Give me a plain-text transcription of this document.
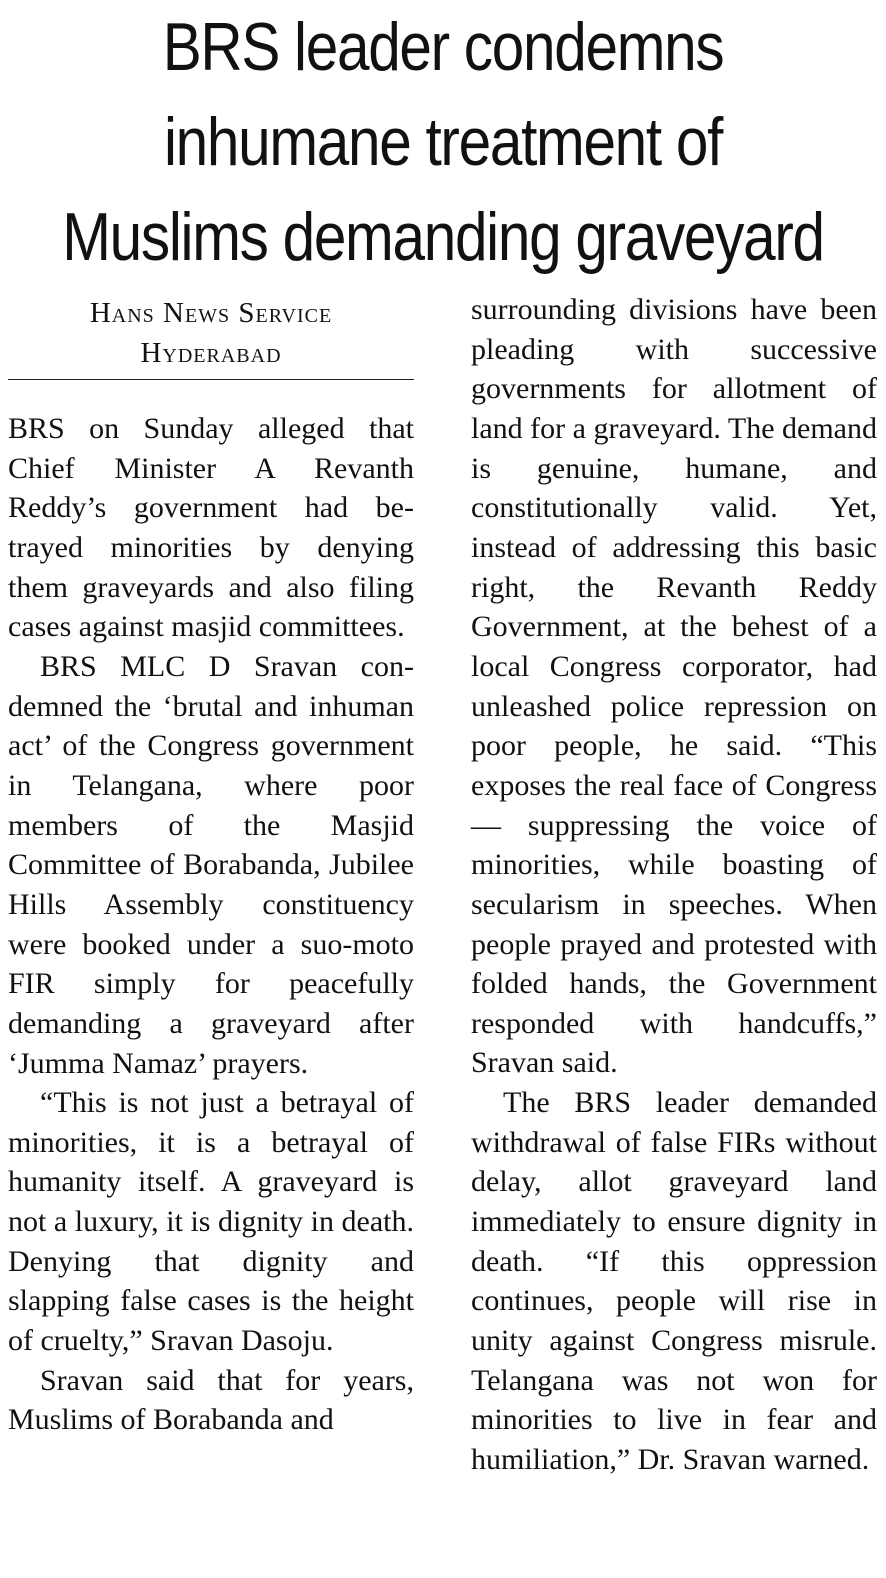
BRS leader condemns
inhumane treatment of
Muslims demanding graveyard
Hans News Service
Hyderabad

BRS on Sunday alleged that Chief Minister A Revanth Reddy’s government had betrayed minorities by denying them graveyards and also filing cases against masjid committees.

BRS MLC D Sravan condemned the ‘brutal and inhuman act’ of the Congress government in Telangana, where poor members of the Masjid Committee of Borabanda, Jubilee Hills Assembly constituency were booked under a suo-moto FIR simply for peacefully demanding a graveyard after ‘Jumma Namaz’ prayers.

“This is not just a betrayal of minorities, it is a betrayal of humanity itself. A graveyard is not a luxury, it is dignity in death. Denying that dignity and slapping false cases is the height of cruelty,” Sravan Dasoju.

Sravan said that for years, Muslims of Borabanda and

surrounding divisions have been pleading with successive governments for allotment of land for a graveyard. The demand is genuine, humane, and constitutionally valid. Yet, instead of addressing this basic right, the Revanth Reddy Government, at the behest of a local Congress corporator, had unleashed police repression on poor people, he said. “This exposes the real face of Congress — suppressing the voice of minorities, while boasting of secularism in speeches. When people prayed and protested with folded hands, the Government responded with handcuffs,” Sravan said.

The BRS leader demanded withdrawal of false FIRs without delay, allot graveyard land immediately to ensure dignity in death. “If this oppression continues, people will rise in unity against Congress misrule. Telangana was not won for minorities to live in fear and humiliation,” Dr. Sravan warned.
